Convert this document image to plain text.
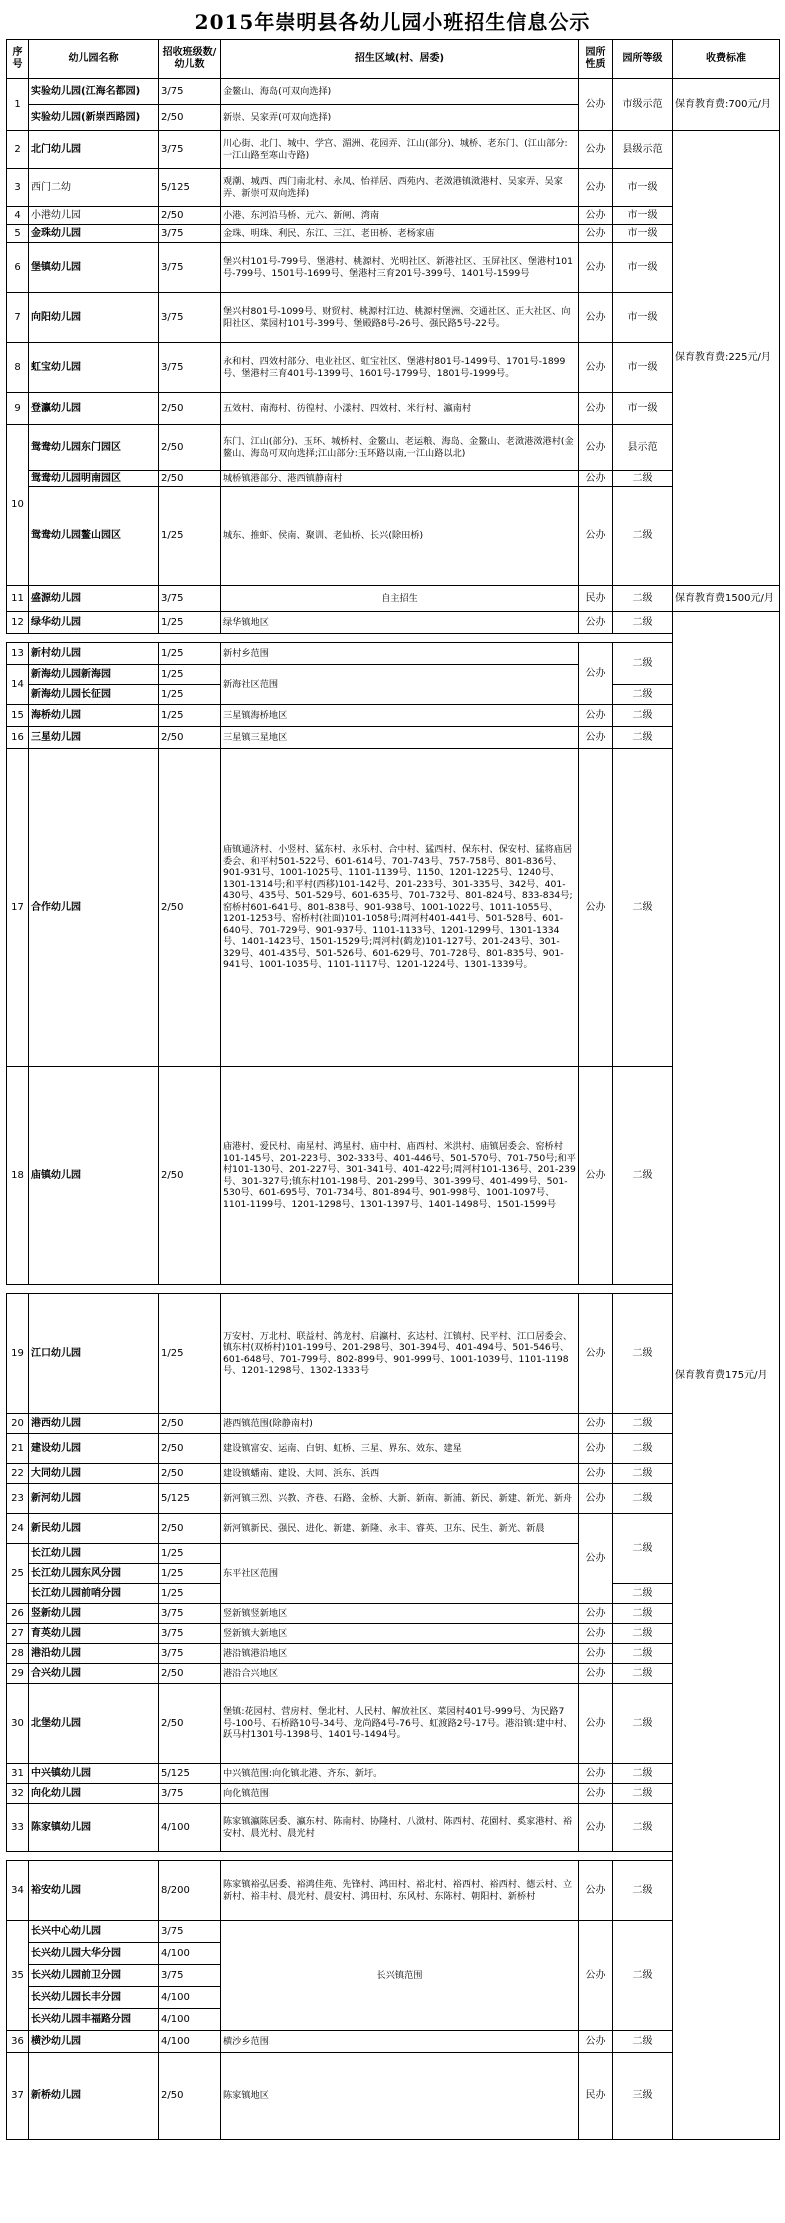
2015年崇明县各幼儿园小班招生信息公示
序号	幼儿园名称	招收班级数/幼儿数	招生区域(村、居委)	园所性质	园所等级	收费标准	
1	实验幼儿园(江海名都园)	3/75	金鳌山、海岛(可双向选择)	公办	市级示范	保育教育费:700元/月	
	实验幼儿园(新崇西路园)	2/50	新崇、吴家弄(可双向选择)				
2	北门幼儿园	3/75	川心街、北门、城中、学宫、湄洲、花园弄、江山(部分)、城桥、老东门、(江山部分:一江山路至寒山寺路)	公办	县级示范	保育教育费:225元/月	
3	西门二幼	5/125	观潮、城西、西门南北村、永凤、怡祥居、西苑内、老滧港镇滧港村、吴家弄、吴家弄、新崇可双向选择)	公办	市一级		
4	小港幼儿园	2/50	小港、东河沿马桥、元六、新闸、湾南	公办	市一级		
5	金珠幼儿园	3/75	金珠、明珠、利民、东江、三江、老田桥、老杨家庙	公办	市一级		
6	堡镇幼儿园	3/75	堡兴村101号-799号、堡港村、桃源村、光明社区、新港社区、玉屏社区、堡港村101号-799号、1501号-1699号、堡港村三育201号-399号、1401号-1599号	公办	市一级		
7	向阳幼儿园	3/75	堡兴村801号-1099号、财贸村、桃源村江边、桃源村堡洲、交通社区、正大社区、向阳社区、菜园村101号-399号、堡殿路8号-26号、强民路5号-22号。	公办	市一级		
8	虹宝幼儿园	3/75	永和村、四效村部分、电业社区、虹宝社区、堡港村801号-1499号、1701号-1899号、堡港村三育401号-1399号、1601号-1799号、1801号-1999号。	公办	市一级		
9	登瀛幼儿园	2/50	五效村、南海村、彷徨村、小漾村、四效村、米行村、瀛南村	公办	市一级		
10	鸳鸯幼儿园东门园区	2/50	东门、江山(部分)、玉环、城桥村、金鳌山、老运粮、海岛、金鳌山、老滧港滧港村(金鳌山、海岛可双向选择;江山部分:玉环路以南,一江山路以北)	公办	县示范		
	鸳鸯幼儿园明南园区	2/50	城桥镇港部分、港西镇静南村	公办	二级		
	鸳鸯幼儿园鳌山园区	1/25	城东、推虾、侯南、聚训、老仙桥、长兴(除田桥)	公办	二级	
11	盛源幼儿园	3/75	自主招生	民办	二级	保育教育费1500元/月	
12	绿华幼儿园	1/25	绿华镇地区	公办	二级	保育教育费175元/月	

13	新村幼儿园	1/25	新村乡范围	公办	二级		
14	新海幼儿园新海园	1/25	新海社区范围				
	新海幼儿园长征园	1/25			二级		
15	海桥幼儿园	1/25	三星镇海桥地区	公办	二级		
16	三星幼儿园	2/50	三星镇三星地区	公办	二级		
17	合作幼儿园	2/50	庙镇通济村、小竖村、猛东村、永乐村、合中村、猛西村、保东村、保安村、猛将庙居委会、和平村501-522号、601-614号、701-743号、757-758号、801-836号、901-931号、1001-1025号、1101-1139号、1150、1201-1225号、1240号、1301-1314号;和平村(西移)101-142号、201-233号、301-335号、342号、401-430号、435号、501-529号、601-635号、701-732号、801-824号、833-834号;窑桥村601-641号、801-838号、901-938号、1001-1022号、1011-1055号、1201-1253号、窑桥村(社面)101-1058号;周河村401-441号、501-528号、601-640号、701-729号、901-937号、1101-1133号、1201-1299号、1301-1334号、1401-1423号、1501-1529号;周河村(鹤龙)101-127号、201-243号、301-329号、401-435号、501-526号、601-629号、701-728号、801-835号、901-941号、1001-1035号、1101-1117号、1201-1224号、1301-1339号。	公办	二级		
18	庙镇幼儿园	2/50	庙港村、爱民村、南星村、鸿星村、庙中村、庙西村、米洪村、庙镇居委会、窑桥村101-145号、201-223号、302-333号、401-446号、501-570号、701-750号;和平村101-130号、201-227号、301-341号、401-422号;周河村101-136号、201-239号、301-327号;镇东村101-198号、201-299号、301-399号、401-499号、501-530号、601-695号、701-734号、801-894号、901-998号、1001-1097号、1101-1199号、1201-1298号、1301-1397号、1401-1498号、1501-1599号	公办	二级		

19	江口幼儿园	1/25	万安村、万北村、联益村、鸽龙村、启瀛村、玄达村、江镇村、民平村、江口居委会、镇东村(双桥村)101-199号、201-298号、301-394号、401-494号、501-546号、601-648号、701-799号、802-899号、901-999号、1001-1039号、1101-1198号、1201-1298号、1302-1333号	公办	二级		
20	港西幼儿园	2/50	港西镇范围(除静南村)	公办	二级		
21	建设幼儿园	2/50	建设镇富安、运南、白钥、虹桥、三星、界东、效东、建星	公办	二级		
22	大同幼儿园	2/50	建设镇蟠南、建设、大同、浜东、浜西	公办	二级		
23	新河幼儿园	5/125	新河镇三烈、兴教、齐巷、石路、金桥、大新、新南、新浦、新民、新建、新光、新舟	公办	二级		
24	新民幼儿园	2/50	新河镇新民、强民、进化、新建、新隆、永丰、睿英、卫东、民生、新光、新晨	公办	二级		
25	长江幼儿园	1/25	东平社区范围				
	长江幼儿园东风分园	1/25					
	长江幼儿园前哨分园	1/25			二级		
26	竖新幼儿园	3/75	竖新镇竖新地区	公办	二级		
27	育英幼儿园	3/75	竖新镇大新地区	公办	二级		
28	港沿幼儿园	3/75	港沿镇港沿地区	公办	二级		
29	合兴幼儿园	2/50	港沿合兴地区	公办	二级		
30	北堡幼儿园	2/50	堡镇:花园村、营房村、堡北村、人民村、解放社区、菜园村401号-999号、为民路7号-100号、石桥路10号-34号、龙尚路4号-76号、虹渡路2号-17号。港沿镇:建中村、跃马村1301号-1398号、1401号-1494号。	公办	二级		
31	中兴镇幼儿园	5/125	中兴镇范围:向化镇北港、齐东、新圩。	公办	二级		
32	向化幼儿园	3/75	向化镇范围	公办	二级		
33	陈家镇幼儿园	4/100	陈家镇瀛陈居委、瀛东村、陈南村、协隆村、八滧村、陈西村、花園村、奚家港村、裕安村、晨光村、晨光村	公办	二级		

34	裕安幼儿园	8/200	陈家镇裕弘居委、裕鸿佳苑、先锋村、鸿田村、裕北村、裕西村、裕西村、德云村、立新村、裕丰村、晨光村、晨安村、鸿田村、东风村、东陈村、朝阳村、新桥村	公办	二级		
35	长兴中心幼儿园	3/75	长兴镇范围	公办	二级		
	长兴幼儿园大华分园	4/100					
	长兴幼儿园前卫分园	3/75					
	长兴幼儿园长丰分园	4/100					
	长兴幼儿园丰福路分园	4/100					
36	横沙幼儿园	4/100	横沙乡范围	公办	二级		
37	新桥幼儿园	2/50	陈家镇地区	民办	三级	
